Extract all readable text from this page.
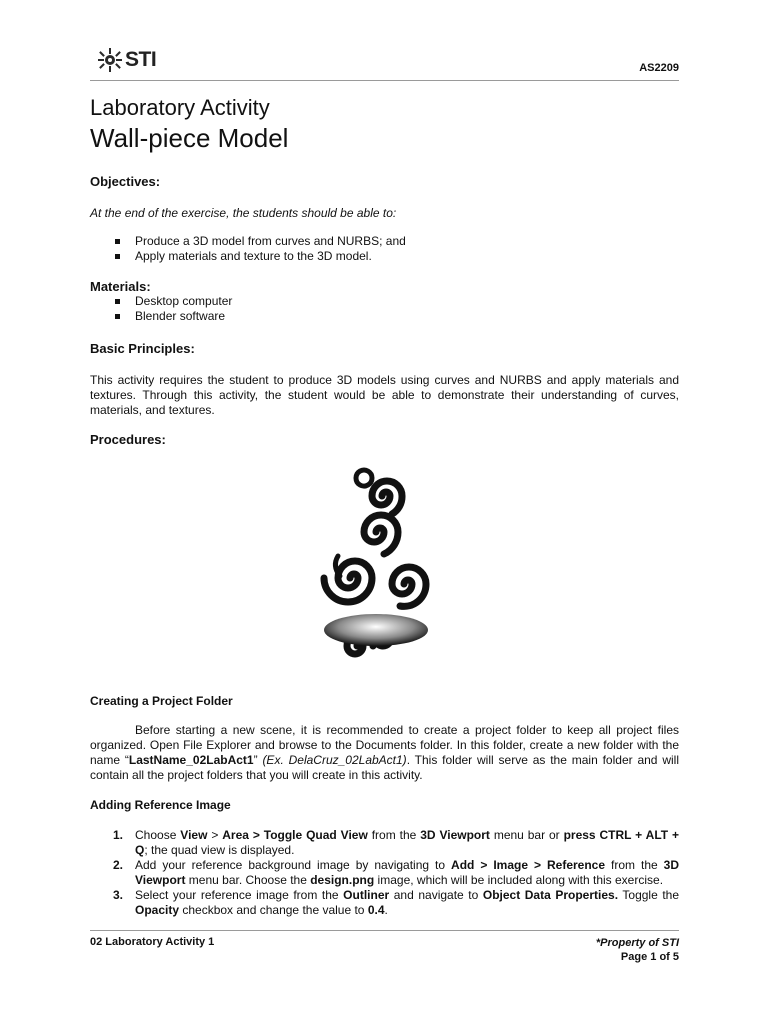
STI	AS2209
Laboratory Activity
Wall-piece Model
Objectives:
At the end of the exercise, the students should be able to:
Produce a 3D model from curves and NURBS; and
Apply materials and texture to the 3D model.
Materials:
Desktop computer
Blender software
Basic Principles:
This activity requires the student to produce 3D models using curves and NURBS and apply materials and textures. Through this activity, the student would be able to demonstrate their understanding of curves, materials, and textures.
Procedures:
Creating a Project Folder
Before starting a new scene, it is recommended to create a project folder to keep all project files organized. Open File Explorer and browse to the Documents folder. In this folder, create a new folder with the name “LastName_02LabAct1” (Ex. DelaCruz_02LabAct1). This folder will serve as the main folder and will contain all the project folders that you will create in this activity.
Adding Reference Image
1. Choose View > Area > Toggle Quad View from the 3D Viewport menu bar or press CTRL + ALT + Q; the quad view is displayed.
2. Add your reference background image by navigating to Add > Image > Reference from the 3D Viewport menu bar. Choose the design.png image, which will be included along with this exercise.
3. Select your reference image from the Outliner and navigate to Object Data Properties. Toggle the Opacity checkbox and change the value to 0.4.
02 Laboratory Activity 1	*Property of STI
Page 1 of 5
